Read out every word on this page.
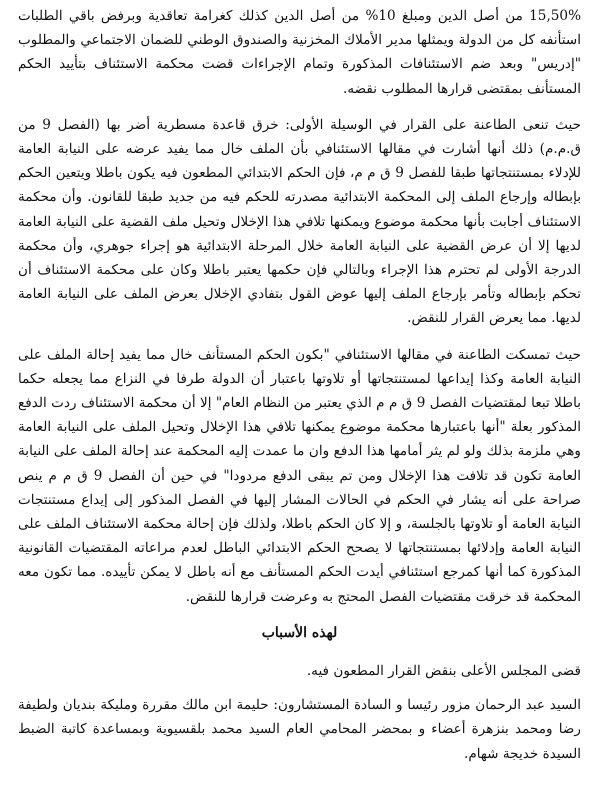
15,50% من أصل الدين ومبلغ 10% من أصل الدين كذلك كغرامة تعاقدية وبرفض باقي الطلبات استأنفه كل من الدولة ويمثلها مدير الأملاك المخزنية والصندوق الوطني للضمان الاجتماعي والمطلوب "إدريس" وبعد ضم الاستئنافات المذكورة وتمام الإجراءات قضت محكمة الاستئناف بتأييد الحكم المستأنف بمقتضى قرارها المطلوب نقضه.

حيث تنعى الطاعنة على القرار في الوسيلة الأولى: خرق قاعدة مسطرية أضر بها (الفصل 9 من ق.م.م) ذلك أنها أشارت في مقالها الاستئنافي بأن الملف خال مما يفيد عرضه على النيابة العامة للإدلاء بمستنتجاتها طبقا للفصل 9 ق م م، فإن الحكم الابتدائي المطعون فيه يكون باطلا ويتعين الحكم بإبطاله وإرجاع الملف إلى المحكمة الابتدائية مصدرته للحكم فيه من جديد طبقا للقانون. وأن محكمة الاستئناف أجابت بأنها محكمة موضوع ويمكنها تلافي هذا الإخلال وتحيل ملف القضية على النيابة العامة لديها إلا أن عرض القضية على النيابة العامة خلال المرحلة الابتدائية هو إجراء جوهري، وأن محكمة الدرجة الأولى لم تحترم هذا الإجراء وبالتالي فإن حكمها يعتبر باطلا وكان على محكمة الاستئناف أن تحكم بإبطاله وتأمر بإرجاع الملف إليها عوض القول بتفادي الإخلال بعرض الملف على النيابة العامة لديها. مما يعرض القرار للنقض.

حيث تمسكت الطاعنة في مقالها الاستئنافي "بكون الحكم المستأنف خال مما يفيد إحالة الملف على النيابة العامة وكذا إيداعها لمستنتجاتها أو تلاوتها باعتبار أن الدولة طرفا في النزاع مما يجعله حكما باطلا تبعا لمقتضيات الفصل 9 ق م م الذي يعتبر من النظام العام" إلا أن محكمة الاستئناف ردت الدفع المذكور بعلة "أنها باعتبارها محكمة موضوع يمكنها تلافي هذا الإخلال وتحيل الملف على النيابة العامة وهي ملزمة بذلك ولو لم يثر أمامها هذا الدفع وان ما عمدت إليه المحكمة عند إحالة الملف على النيابة العامة تكون قد تلافت هذا الإخلال ومن تم يبقى الدفع مردودا" في حين أن الفصل 9 ق م م ينص صراحة على أنه يشار في الحكم في الحالات المشار إليها في الفصل المذكور إلى إيداع مستنتجات النيابة العامة أو تلاوتها بالجلسة، و إلا كان الحكم باطلا، ولذلك فإن إحالة محكمة الاستئناف الملف على النيابة العامة وإدلائها بمستنتجاتها لا يصحح الحكم الابتدائي الباطل لعدم مراعاته المقتضيات القانونية المذكورة كما أنها كمرجع استئنافي أيدت الحكم المستأنف مع أنه باطل لا يمكن تأييده. مما تكون معه المحكمة قد خرقت مقتضيات الفصل المحتج به وعرضت قرارها للنقض.

لهذه الأسباب

قضى المجلس الأعلى بنقض القرار المطعون فيه.

السيد عبد الرحمان مزور رئيسا و السادة المستشارون: حليمة ابن مالك مقررة ومليكة بنديان ولطيفة رضا ومحمد بنزهرة أعضاء و بمحضر المحامي العام السيد محمد بلقسيوية وبمساعدة كاتبة الضبط السيدة خديجة شهام.
